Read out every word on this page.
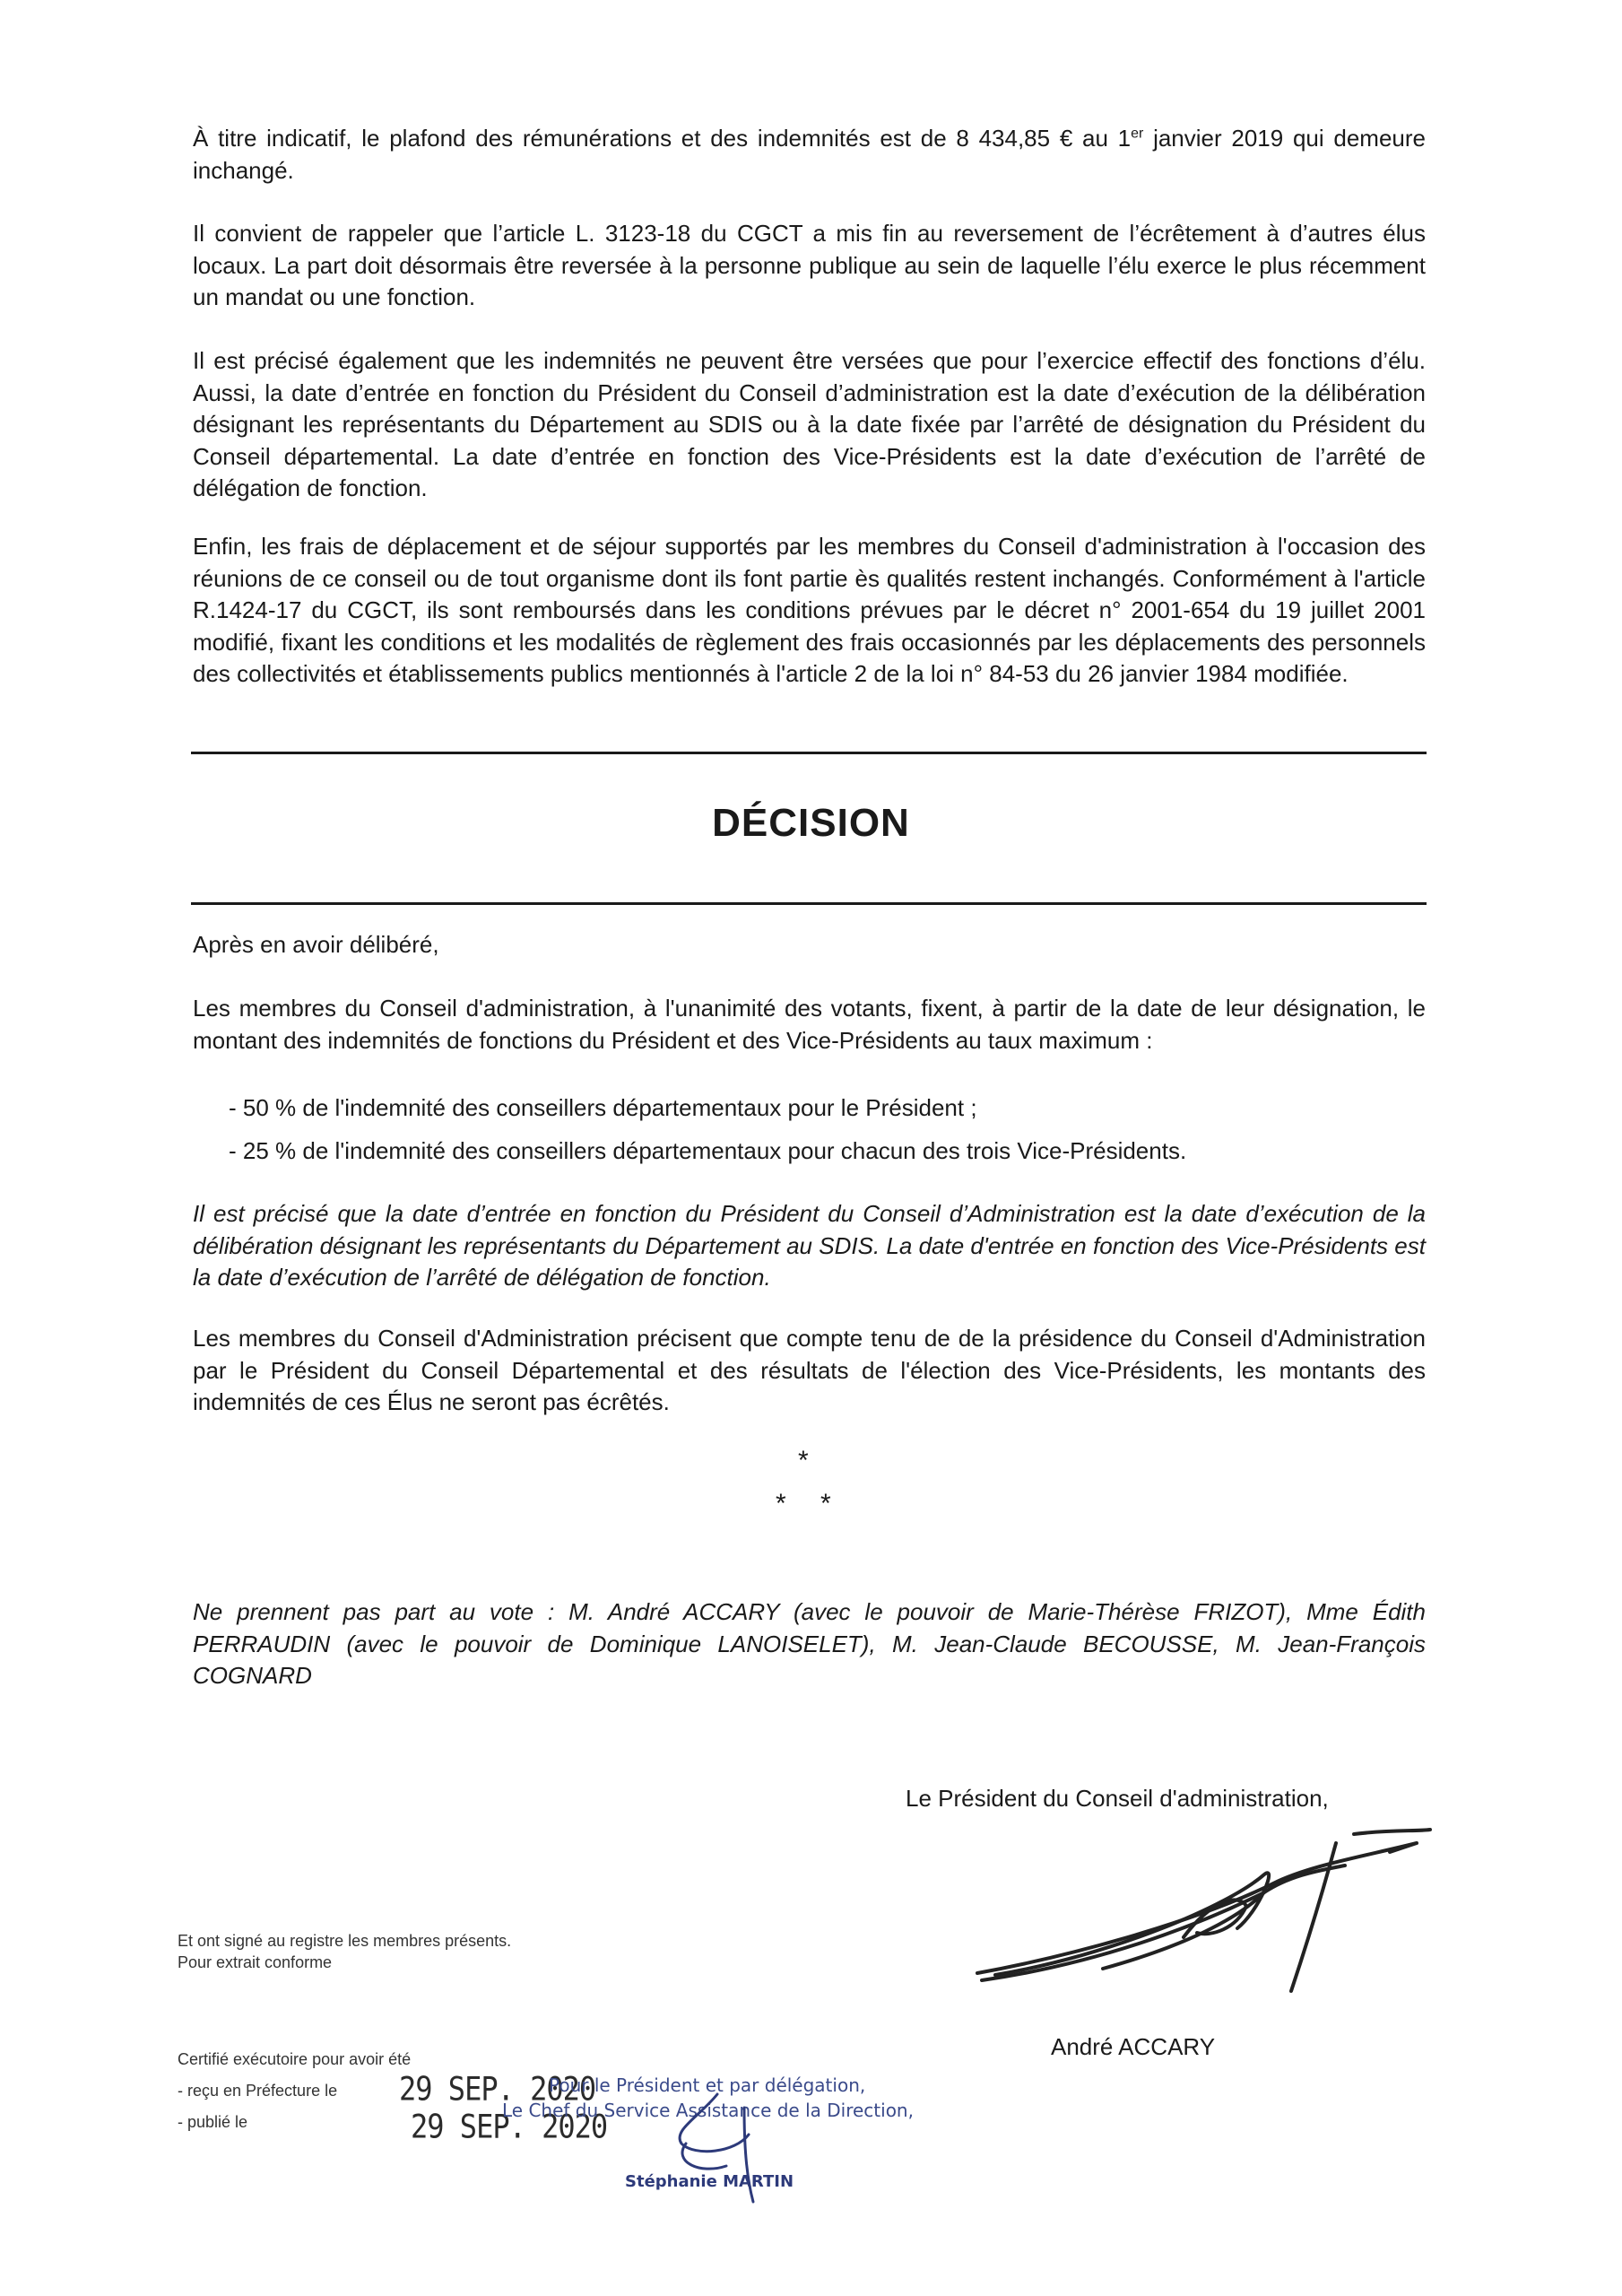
À titre indicatif, le plafond des rémunérations et des indemnités est de 8 434,85 € au 1er janvier 2019 qui demeure inchangé.

Il convient de rappeler que l’article L. 3123-18 du CGCT a mis fin au reversement de l’écrêtement à d’autres élus locaux. La part doit désormais être reversée à la personne publique au sein de laquelle l’élu exerce le plus récemment un mandat ou une fonction.
Il est précisé également que les indemnités ne peuvent être versées que pour l’exercice effectif des fonctions d’élu. Aussi, la date d’entrée en fonction du Président du Conseil d’administration est la date d’exécution de la délibération désignant les représentants du Département au SDIS ou à la date fixée par l’arrêté de désignation du Président du Conseil départemental. La date d’entrée en fonction des Vice-Présidents est la date d’exécution de l’arrêté de délégation de fonction.
Enfin, les frais de déplacement et de séjour supportés par les membres du Conseil d'administration à l'occasion des réunions de ce conseil ou de tout organisme dont ils font partie ès qualités restent inchangés. Conformément à l'article R.1424-17 du CGCT, ils sont remboursés dans les conditions prévues par le décret n° 2001-654 du 19 juillet 2001 modifié, fixant les conditions et les modalités de règlement des frais occasionnés par les déplacements des personnels des collectivités et établissements publics mentionnés à l'article 2 de la loi n° 84-53 du 26 janvier 1984 modifiée.
DÉCISION
Après en avoir délibéré,
Les membres du Conseil d'administration, à l'unanimité des votants, fixent, à partir de la date de leur désignation, le montant des indemnités de fonctions du Président et des Vice-Présidents au taux maximum :
- 50 % de l'indemnité des conseillers départementaux pour le Président ;
- 25 % de l'indemnité des conseillers départementaux pour chacun des trois Vice-Présidents.
Il est précisé que la date d’entrée en fonction du Président du Conseil d’Administration est la date d’exécution de la délibération désignant les représentants du Département au SDIS. La date d'entrée en fonction des Vice-Présidents est la date d’exécution de l’arrêté de délégation de fonction.
Les membres du Conseil d'Administration précisent que compte tenu de de la présidence du Conseil d'Administration par le Président du Conseil Départemental et des résultats de l'élection des Vice-Présidents, les montants des indemnités de ces Élus ne seront pas écrêtés.
*
* *
Ne prennent pas part au vote : M. André ACCARY (avec le pouvoir de Marie-Thérèse FRIZOT), Mme Édith PERRAUDIN (avec le pouvoir de Dominique LANOISELET), M. Jean-Claude BECOUSSE, M. Jean-François COGNARD
Le Président du Conseil d'administration,
André ACCARY
Et ont signé au registre les membres présents.
Pour extrait conforme
Certifié exécutoire pour avoir été
- reçu en Préfecture le
- publié le
29 SEP. 2020
29 SEP. 2020
Pour le Président et par délégation,
Le Chef du Service Assistance de la Direction,
Stéphanie MARTIN
